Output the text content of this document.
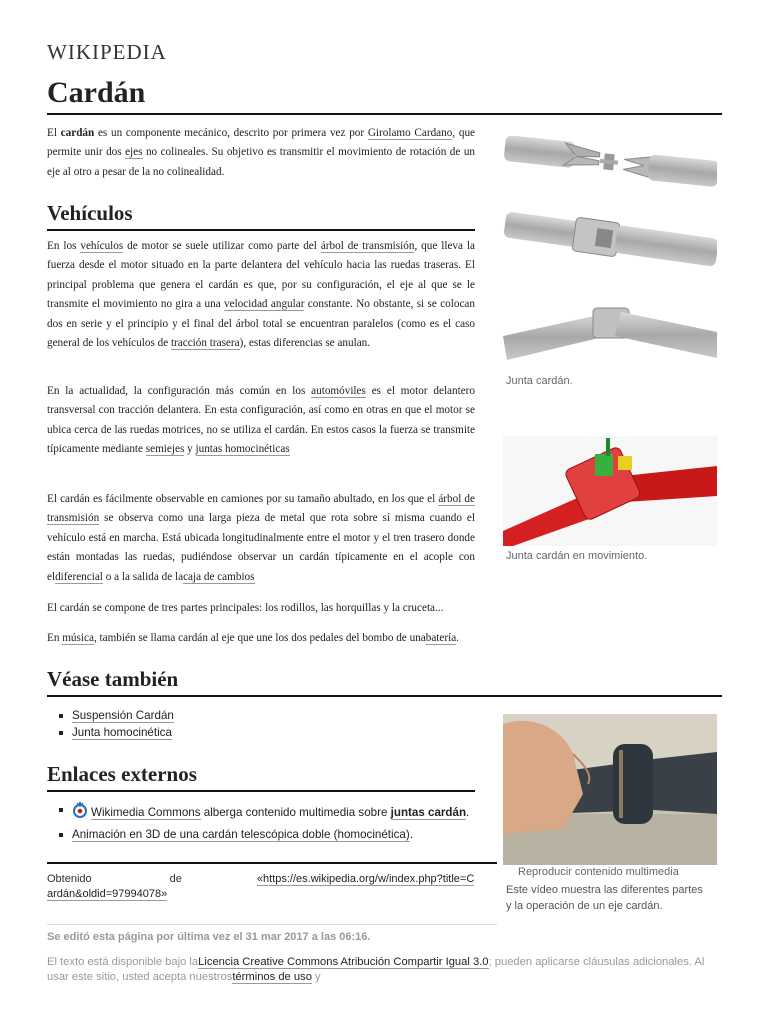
WIKIPEDIA
Cardán
El cardán es un componente mecánico, descrito por primera vez por Girolamo Cardano, que permite unir dos ejes no colineales. Su objetivo es transmitir el movimiento de rotación de un eje al otro a pesar de la no colinealidad.
Vehículos
En los vehículos de motor se suele utilizar como parte del árbol de transmisión, que lleva la fuerza desde el motor situado en la parte delantera del vehículo hacia las ruedas traseras. El principal problema que genera el cardán es que, por su configuración, el eje al que se le transmite el movimiento no gira a una velocidad angular constante. No obstante, si se colocan dos en serie y el principio y el final del árbol total se encuentran paralelos (como es el caso general de los vehículos de tracción trasera), estas diferencias se anulan.
En la actualidad, la configuración más común en los automóviles es el motor delantero transversal con tracción delantera. En esta configuración, así como en otras en que el motor se ubica cerca de las ruedas motrices, no se utiliza el cardán. En estos casos la fuerza se transmite típicamente mediante semiejes y juntas homocinéticas
El cardán es fácilmente observable en camiones por su tamaño abultado, en los que el árbol de transmisión se observa como una larga pieza de metal que rota sobre sí misma cuando el vehículo está en marcha. Está ubicada longitudinalmente entre el motor y el tren trasero donde están montadas las ruedas, pudiéndose observar un cardán típicamente en el acople con eldiferencial o a la salida de lacaja de cambios
El cardán se compone de tres partes principales: los rodillos, las horquillas y la cruceta...
En música, también se llama cardán al eje que une los dos pedales del bombo de unabatería.
Véase también
Suspensión Cardán
Junta homocinética
Enlaces externos
Wikimedia Commons alberga contenido multimedia sobre juntas cardán.
Animación en 3D de una cardán telescópica doble (homocinética).
Junta cardán.
Junta cardán en movimiento.
Reproducir contenido multimedia
Este vídeo muestra las diferentes partes y la operación de un eje cardán.
Obtenido	de	«https://es.wikipedia.org/w/index.php?title=Cardán&oldid=97994078»
Se editó esta página por última vez el 31 mar 2017 a las 06:16.
El texto está disponible bajo laLicencia Creative Commons Atribución Compartir Igual 3.0; pueden aplicarse cláusulas adicionales. Al usar este sitio, usted acepta nuestrostérminos de uso y
